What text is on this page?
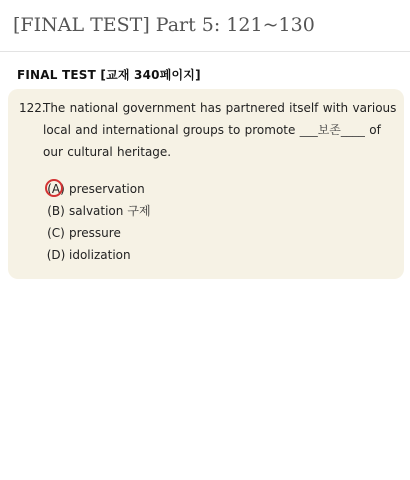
[FINAL TEST] Part 5: 121~130
FINAL TEST [교재 340페이지]
122.
The national government has partnered itself with various local and international groups to promote ___보존____ of our cultural heritage.
(A) preservation
(B) salvation 구제
(C) pressure
(D) idolization
